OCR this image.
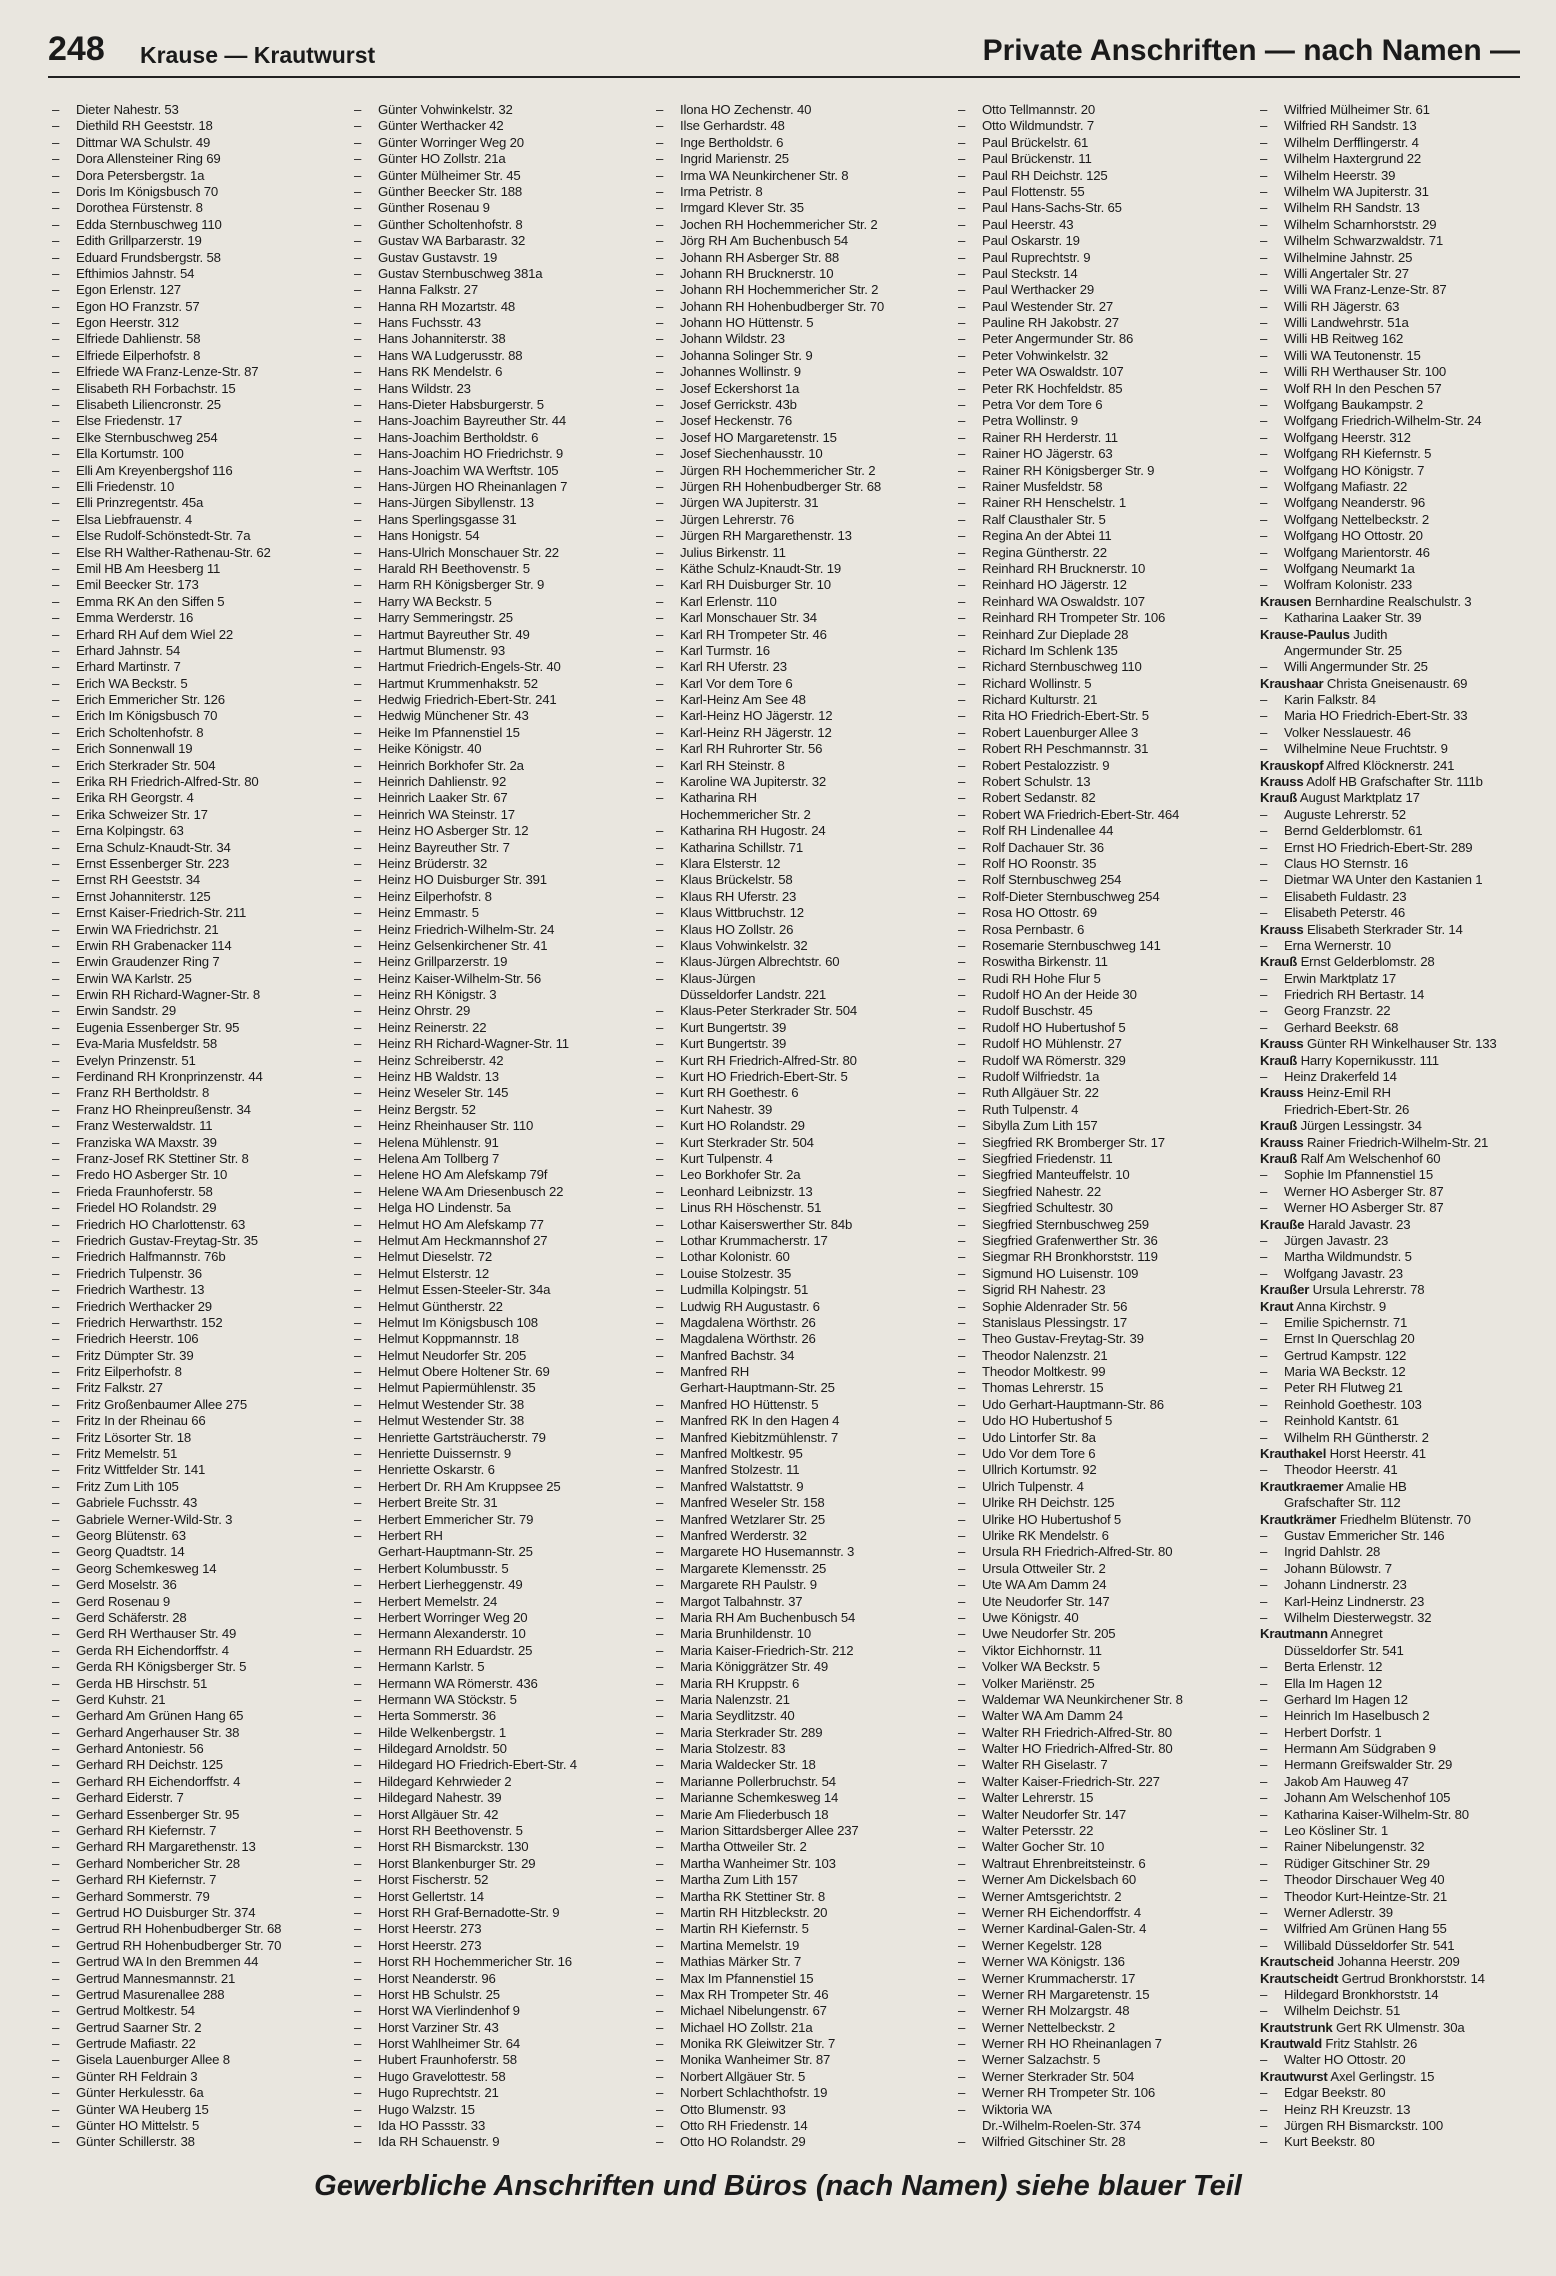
248 Krause — Krautwurst	Private Anschriften — nach Namen —
– Dieter Nahestr. 53
– Diethild RH Geeststr. 18
– Dittmar WA Schulstr. 49
– Dora Allensteiner Ring 69
– Dora Petersbergstr. 1a
– Doris Im Königsbusch 70
– Dorothea Fürstenstr. 8
– Edda Sternbuschweg 110
– Edith Grillparzerstr. 19
– Eduard Frundsbergstr. 58
– Efthimios Jahnstr. 54
– Egon Erlenstr. 127
– Egon HO Franzstr. 57
– Egon Heerstr. 312
– Elfriede Dahlienstr. 58
– Elfriede Eilperhofstr. 8
– Elfriede WA Franz-Lenze-Str. 87
– Elisabeth RH Forbachstr. 15
– Elisabeth Liliencronstr. 25
– Else Friedenstr. 17
– Elke Sternbuschweg 254
– Ella Kortumstr. 100
– Elli Am Kreyenbergshof 116
– Elli Friedenstr. 10
– Elli Prinzregentstr. 45a
– Elsa Liebfrauenstr. 4
– Else Rudolf-Schönstedt-Str. 7a
– Else RH Walther-Rathenau-Str. 62
– Emil HB Am Heesberg 11
– Emil Beecker Str. 173
– Emma RK An den Siffen 5
– Emma Werderstr. 16
– Erhard RH Auf dem Wiel 22
– Erhard Jahnstr. 54
– Erhard Martinstr. 7
– Erich WA Beckstr. 5
– Erich Emmericher Str. 126
– Erich Im Königsbusch 70
– Erich Scholtenhofstr. 8
– Erich Sonnenwall 19
– Erich Sterkrader Str. 504
– Erika RH Friedrich-Alfred-Str. 80
– Erika RH Georgstr. 4
– Erika Schweizer Str. 17
– Erna Kolpingstr. 63
– Erna Schulz-Knaudt-Str. 34
– Ernst Essenberger Str. 223
– Ernst RH Geeststr. 34
– Ernst Johanniterstr. 125
– Ernst Kaiser-Friedrich-Str. 211
– Erwin WA Friedrichstr. 21
– Erwin RH Grabenacker 114
– Erwin Graudenzer Ring 7
– Erwin WA Karlstr. 25
– Erwin RH Richard-Wagner-Str. 8
– Erwin Sandstr. 29
– Eugenia Essenberger Str. 95
– Eva-Maria Musfeldstr. 58
– Evelyn Prinzenstr. 51
– Ferdinand RH Kronprinzenstr. 44
– Franz RH Bertholdstr. 8
– Franz HO Rheinpreußenstr. 34
– Franz Westerwaldstr. 11
– Franziska WA Maxstr. 39
– Franz-Josef RK Stettiner Str. 8
– Fredo HO Asberger Str. 10
– Frieda Fraunhoferstr. 58
– Friedel HO Rolandstr. 29
– Friedrich HO Charlottenstr. 63
– Friedrich Gustav-Freytag-Str. 35
– Friedrich Halfmannstr. 76b
– Friedrich Tulpenstr. 36
– Friedrich Warthestr. 13
– Friedrich Werthacker 29
– Friedrich Herwarthstr. 152
– Friedrich Heerstr. 106
– Fritz Dümpter Str. 39
– Fritz Eilperhofstr. 8
– Fritz Falkstr. 27
– Fritz Großenbaumer Allee 275
– Fritz In der Rheinau 66
– Fritz Lösorter Str. 18
– Fritz Memelstr. 51
– Fritz Wittfelder Str. 141
– Fritz Zum Lith 105
– Gabriele Fuchsstr. 43
– Gabriele Werner-Wild-Str. 3
– Georg Blütenstr. 63
– Georg Quadtstr. 14
– Georg Schemkesweg 14
– Gerd Moselstr. 36
– Gerd Rosenau 9
– Gerd Schäferstr. 28
– Gerd RH Werthauser Str. 49
– Gerda RH Eichendorffstr. 4
– Gerda RH Königsberger Str. 5
– Gerda HB Hirschstr. 51
– Gerd Kuhstr. 21
– Gerhard Am Grünen Hang 65
– Gerhard Angerhauser Str. 38
– Gerhard Antoniestr. 56
– Gerhard RH Deichstr. 125
– Gerhard RH Eichendorffstr. 4
– Gerhard Eiderstr. 7
– Gerhard Essenberger Str. 95
– Gerhard RH Kiefernstr. 7
– Gerhard RH Margarethenstr. 13
– Gerhard Nombericher Str. 28
– Gerhard RH Kiefernstr. 7
– Gerhard Sommerstr. 79
– Gertrud HO Duisburger Str. 374
– Gertrud RH Hohenbudberger Str. 68
– Gertrud RH Hohenbudberger Str. 70
– Gertrud WA In den Bremmen 44
– Gertrud Mannesmannstr. 21
– Gertrud Masurenallee 288
– Gertrud Moltkestr. 54
– Gertrud Saarner Str. 2
– Gertrude Mafiastr. 22
– Gisela Lauenburger Allee 8
– Günter RH Feldrain 3
– Günter Herkulesstr. 6a
– Günter WA Heuberg 15
– Günter HO Mittelstr. 5
– Günter Schillerstr. 38
– Günter Vohwinkelstr. 32
– Günter Werthacker 42
– Günter Worringer Weg 20
– Günter HO Zollstr. 21a
– Günter Mülheimer Str. 45
– Günther Beecker Str. 188
– Günther Rosenau 9
– Günther Scholtenhofstr. 8
– Gustav WA Barbarastr. 32
– Gustav Gustavstr. 19
– Gustav Sternbuschweg 381a
– Hanna Falkstr. 27
– Hanna RH Mozartstr. 48
– Hans Fuchsstr. 43
– Hans Johanniterstr. 38
– Hans WA Ludgerusstr. 88
– Hans RK Mendelstr. 6
– Hans Wildstr. 23
– Hans-Dieter Habsburgerstr. 5
– Hans-Joachim Bayreuther Str. 44
– Hans-Joachim Bertholdstr. 6
– Hans-Joachim HO Friedrichstr. 9
– Hans-Joachim WA Werftstr. 105
– Hans-Jürgen HO Rheinanlagen 7
– Hans-Jürgen Sibyllenstr. 13
– Hans Sperlingsgasse 31
– Hans Honigstr. 54
– Hans-Ulrich Monschauer Str. 22
– Harald RH Beethovenstr. 5
– Harm RH Königsberger Str. 9
– Harry WA Beckstr. 5
– Harry Semmeringstr. 25
– Hartmut Bayreuther Str. 49
– Hartmut Blumenstr. 93
– Hartmut Friedrich-Engels-Str. 40
– Hartmut Krummenhakstr. 52
– Hedwig Friedrich-Ebert-Str. 241
– Hedwig Münchener Str. 43
– Heike Im Pfannenstiel 15
– Heike Königstr. 40
– Heinrich Borkhofer Str. 2a
– Heinrich Dahlienstr. 92
– Heinrich Laaker Str. 67
– Heinrich WA Steinstr. 17
– Heinz HO Asberger Str. 12
– Heinz Bayreuther Str. 7
– Heinz Brüderstr. 32
– Heinz HO Duisburger Str. 391
– Heinz Eilperhofstr. 8
– Heinz Emmastr. 5
– Heinz Friedrich-Wilhelm-Str. 24
– Heinz Gelsenkirchener Str. 41
– Heinz Grillparzerstr. 19
– Heinz Kaiser-Wilhelm-Str. 56
– Heinz RH Königstr. 3
– Heinz Ohrstr. 29
– Heinz Reinerstr. 22
– Heinz RH Richard-Wagner-Str. 11
– Heinz Schreiberstr. 42
– Heinz HB Waldstr. 13
– Heinz Weseler Str. 145
– Heinz Bergstr. 52
– Heinz Rheinhauser Str. 110
– Helena Mühlenstr. 91
– Helena Am Tollberg 7
– Helene HO Am Alefskamp 79f
– Helene WA Am Driesenbusch 22
– Helga HO Lindenstr. 5a
– Helmut HO Am Alefskamp 77
– Helmut Am Heckmannshof 27
– Helmut Dieselstr. 72
– Helmut Elsterstr. 12
– Helmut Essen-Steeler-Str. 34a
– Helmut Güntherstr. 22
– Helmut Im Königsbusch 108
– Helmut Koppmannstr. 18
– Helmut Neudorfer Str. 205
– Helmut Obere Holtener Str. 69
– Helmut Papiermühlenstr. 35
– Helmut Westender Str. 38
– Helmut Westender Str. 38
– Henriette Gartsträucherstr. 79
– Henriette Duissernstr. 9
– Henriette Oskarstr. 6
– Herbert Dr. RH Am Kruppsee 25
– Herbert Breite Str. 31
– Herbert Emmericher Str. 79
– Herbert RH
Gerhart-Hauptmann-Str. 25
– Herbert Kolumbusstr. 5
– Herbert Lierheggenstr. 49
– Herbert Memelstr. 24
– Herbert Worringer Weg 20
– Hermann Alexanderstr. 10
– Hermann RH Eduardstr. 25
– Hermann Karlstr. 5
– Hermann WA Römerstr. 436
– Hermann WA Stöckstr. 5
– Herta Sommerstr. 36
– Hilde Welkenbergstr. 1
– Hildegard Arnoldstr. 50
– Hildegard HO Friedrich-Ebert-Str. 4
– Hildegard Kehrwieder 2
– Hildegard Nahestr. 39
– Horst Allgäuer Str. 42
– Horst RH Beethovenstr. 5
– Horst RH Bismarckstr. 130
– Horst Blankenburger Str. 29
– Horst Fischerstr. 52
– Horst Gellertstr. 14
– Horst RH Graf-Bernadotte-Str. 9
– Horst Heerstr. 273
– Horst Heerstr. 273
– Horst RH Hochemmericher Str. 16
– Horst Neanderstr. 96
– Horst HB Schulstr. 25
– Horst WA Vierlindenhof 9
– Horst Varziner Str. 43
– Horst Wahlheimer Str. 64
– Hubert Fraunhoferstr. 58
– Hugo Gravelottestr. 58
– Hugo Ruprechtstr. 21
– Hugo Walzstr. 15
– Ida HO Passstr. 33
– Ida RH Schauenstr. 9
– Ilona HO Zechenstr. 40
– Ilse Gerhardstr. 48
– Inge Bertholdstr. 6
– Ingrid Marienstr. 25
– Irma WA Neunkirchener Str. 8
– Irma Petristr. 8
– Irmgard Klever Str. 35
– Jochen RH Hochemmericher Str. 2
– Jörg RH Am Buchenbusch 54
– Johann RH Asberger Str. 88
– Johann RH Brucknerstr. 10
– Johann RH Hochemmericher Str. 2
– Johann RH Hohenbudberger Str. 70
– Johann HO Hüttenstr. 5
– Johann Wildstr. 23
– Johanna Solinger Str. 9
– Johannes Wollinstr. 9
– Josef Eckershorst 1a
– Josef Gerrickstr. 43b
– Josef Heckenstr. 76
– Josef HO Margaretenstr. 15
– Josef Siechenhausstr. 10
– Jürgen RH Hochemmericher Str. 2
– Jürgen RH Hohenbudberger Str. 68
– Jürgen WA Jupiterstr. 31
– Jürgen Lehrerstr. 76
– Jürgen RH Margarethenstr. 13
– Julius Birkenstr. 11
– Käthe Schulz-Knaudt-Str. 19
– Karl RH Duisburger Str. 10
– Karl Erlenstr. 110
– Karl Monschauer Str. 34
– Karl RH Trompeter Str. 46
– Karl Turmstr. 16
– Karl RH Uferstr. 23
– Karl Vor dem Tore 6
– Karl-Heinz Am See 48
– Karl-Heinz HO Jägerstr. 12
– Karl-Heinz RH Jägerstr. 12
– Karl RH Ruhrorter Str. 56
– Karl RH Steinstr. 8
– Karoline WA Jupiterstr. 32
– Katharina RH
Hochemmericher Str. 2
– Katharina RH Hugostr. 24
– Katharina Schillstr. 71
– Klara Elsterstr. 12
– Klaus Brückelstr. 58
– Klaus RH Uferstr. 23
– Klaus Wittbruchstr. 12
– Klaus HO Zollstr. 26
– Klaus Vohwinkelstr. 32
– Klaus-Jürgen Albrechtstr. 60
– Klaus-Jürgen
Düsseldorfer Landstr. 221
– Klaus-Peter Sterkrader Str. 504
– Kurt Bungertstr. 39
– Kurt Bungertstr. 39
– Kurt RH Friedrich-Alfred-Str. 80
– Kurt HO Friedrich-Ebert-Str. 5
– Kurt RH Goethestr. 6
– Kurt Nahestr. 39
– Kurt HO Rolandstr. 29
– Kurt Sterkrader Str. 504
– Kurt Tulpenstr. 4
– Leo Borkhofer Str. 2a
– Leonhard Leibnizstr. 13
– Linus RH Höschenstr. 51
– Lothar Kaiserswerther Str. 84b
– Lothar Krummacherstr. 17
– Lothar Kolonistr. 60
– Louise Stolzestr. 35
– Ludmilla Kolpingstr. 51
– Ludwig RH Augustastr. 6
– Magdalena Wörthstr. 26
– Magdalena Wörthstr. 26
– Manfred Bachstr. 34
– Manfred RH
Gerhart-Hauptmann-Str. 25
– Manfred HO Hüttenstr. 5
– Manfred RK In den Hagen 4
– Manfred Kiebitzmühlenstr. 7
– Manfred Moltkestr. 95
– Manfred Stolzestr. 11
– Manfred Walstattstr. 9
– Manfred Weseler Str. 158
– Manfred Wetzlarer Str. 25
– Manfred Werderstr. 32
– Margarete HO Husemannstr. 3
– Margarete Klemensstr. 25
– Margarete RH Paulstr. 9
– Margot Talbahnstr. 37
– Maria RH Am Buchenbusch 54
– Maria Brunhildenstr. 10
– Maria Kaiser-Friedrich-Str. 212
– Maria Königgrätzer Str. 49
– Maria RH Kruppstr. 6
– Maria Nalenzstr. 21
– Maria Seydlitzstr. 40
– Maria Sterkrader Str. 289
– Maria Stolzestr. 83
– Maria Waldecker Str. 18
– Marianne Pollerbruchstr. 54
– Marianne Schemkesweg 14
– Marie Am Fliederbusch 18
– Marion Sittardsberger Allee 237
– Martha Ottweiler Str. 2
– Martha Wanheimer Str. 103
– Martha Zum Lith 157
– Martha RK Stettiner Str. 8
– Martin RH Hitzbleckstr. 20
– Martin RH Kiefernstr. 5
– Martina Memelstr. 19
– Mathias Märker Str. 7
– Max Im Pfannenstiel 15
– Max RH Trompeter Str. 46
– Michael Nibelungenstr. 67
– Michael HO Zollstr. 21a
– Monika RK Gleiwitzer Str. 7
– Monika Wanheimer Str. 87
– Norbert Allgäuer Str. 5
– Norbert Schlachthofstr. 19
– Otto Blumenstr. 93
– Otto RH Friedenstr. 14
– Otto HO Rolandstr. 29
– Otto Tellmannstr. 20
– Otto Wildmundstr. 7
– Paul Brückelstr. 61
– Paul Brückenstr. 11
– Paul RH Deichstr. 125
– Paul Flottenstr. 55
– Paul Hans-Sachs-Str. 65
– Paul Heerstr. 43
– Paul Oskarstr. 19
– Paul Ruprechtstr. 9
– Paul Steckstr. 14
– Paul Werthacker 29
– Paul Westender Str. 27
– Pauline RH Jakobstr. 27
– Peter Angermunder Str. 86
– Peter Vohwinkelstr. 32
– Peter WA Oswaldstr. 107
– Peter RK Hochfeldstr. 85
– Petra Vor dem Tore 6
– Petra Wollinstr. 9
– Rainer RH Herderstr. 11
– Rainer HO Jägerstr. 63
– Rainer RH Königsberger Str. 9
– Rainer Musfeldstr. 58
– Rainer RH Henschelstr. 1
– Ralf Clausthaler Str. 5
– Regina An der Abtei 11
– Regina Güntherstr. 22
– Reinhard RH Brucknerstr. 10
– Reinhard HO Jägerstr. 12
– Reinhard WA Oswaldstr. 107
– Reinhard RH Trompeter Str. 106
– Reinhard Zur Dieplade 28
– Richard Im Schlenk 135
– Richard Sternbuschweg 110
– Richard Wollinstr. 5
– Richard Kulturstr. 21
– Rita HO Friedrich-Ebert-Str. 5
– Robert Lauenburger Allee 3
– Robert RH Peschmannstr. 31
– Robert Pestalozzistr. 9
– Robert Schulstr. 13
– Robert Sedanstr. 82
– Robert WA Friedrich-Ebert-Str. 464
– Rolf RH Lindenallee 44
– Rolf Dachauer Str. 36
– Rolf HO Roonstr. 35
– Rolf Sternbuschweg 254
– Rolf-Dieter Sternbuschweg 254
– Rosa HO Ottostr. 69
– Rosa Pernbastr. 6
– Rosemarie Sternbuschweg 141
– Roswitha Birkenstr. 11
– Rudi RH Hohe Flur 5
– Rudolf HO An der Heide 30
– Rudolf Buschstr. 45
– Rudolf HO Hubertushof 5
– Rudolf HO Mühlenstr. 27
– Rudolf WA Römerstr. 329
– Rudolf Wilfriedstr. 1a
– Ruth Allgäuer Str. 22
– Ruth Tulpenstr. 4
– Sibylla Zum Lith 157
– Siegfried RK Bromberger Str. 17
– Siegfried Friedenstr. 11
– Siegfried Manteuffelstr. 10
– Siegfried Nahestr. 22
– Siegfried Schultestr. 30
– Siegfried Sternbuschweg 259
– Siegfried Grafenwerther Str. 36
– Siegmar RH Bronkhorststr. 119
– Sigmund HO Luisenstr. 109
– Sigrid RH Nahestr. 23
– Sophie Aldenrader Str. 56
– Stanislaus Plessingstr. 17
– Theo Gustav-Freytag-Str. 39
– Theodor Nalenzstr. 21
– Theodor Moltkestr. 99
– Thomas Lehrerstr. 15
– Udo Gerhart-Hauptmann-Str. 86
– Udo HO Hubertushof 5
– Udo Lintorfer Str. 8a
– Udo Vor dem Tore 6
– Ullrich Kortumstr. 92
– Ulrich Tulpenstr. 4
– Ulrike RH Deichstr. 125
– Ulrike HO Hubertushof 5
– Ulrike RK Mendelstr. 6
– Ursula RH Friedrich-Alfred-Str. 80
– Ursula Ottweiler Str. 2
– Ute WA Am Damm 24
– Ute Neudorfer Str. 147
– Uwe Königstr. 40
– Uwe Neudorfer Str. 205
– Viktor Eichhornstr. 11
– Volker WA Beckstr. 5
– Volker Mariënstr. 25
– Waldemar WA Neunkirchener Str. 8
– Walter WA Am Damm 24
– Walter RH Friedrich-Alfred-Str. 80
– Walter HO Friedrich-Alfred-Str. 80
– Walter RH Giselastr. 7
– Walter Kaiser-Friedrich-Str. 227
– Walter Lehrerstr. 15
– Walter Neudorfer Str. 147
– Walter Petersstr. 22
– Walter Gocher Str. 10
– Waltraut Ehrenbreitsteinstr. 6
– Werner Am Dickelsbach 60
– Werner Amtsgerichtstr. 2
– Werner RH Eichendorffstr. 4
– Werner Kardinal-Galen-Str. 4
– Werner Kegelstr. 128
– Werner WA Königstr. 136
– Werner Krummacherstr. 17
– Werner RH Margaretenstr. 15
– Werner RH Molzargstr. 48
– Werner Nettelbeckstr. 2
– Werner RH HO Rheinanlagen 7
– Werner Salzachstr. 5
– Werner Sterkrader Str. 504
– Werner RH Trompeter Str. 106
– Wiktoria WA
Dr.-Wilhelm-Roelen-Str. 374
– Wilfried Gitschiner Str. 28
– Wilfried Mülheimer Str. 61
– Wilfried RH Sandstr. 13
– Wilhelm Derfflingerstr. 4
– Wilhelm Haxtergrund 22
– Wilhelm Heerstr. 39
– Wilhelm WA Jupiterstr. 31
– Wilhelm RH Sandstr. 13
– Wilhelm Scharnhorststr. 29
– Wilhelm Schwarzwaldstr. 71
– Wilhelmine Jahnstr. 25
– Willi Angertaler Str. 27
– Willi WA Franz-Lenze-Str. 87
– Willi RH Jägerstr. 63
– Willi Landwehrstr. 51a
– Willi HB Reitweg 162
– Willi WA Teutonenstr. 15
– Willi RH Werthauser Str. 100
– Wolf RH In den Peschen 57
– Wolfgang Baukampstr. 2
– Wolfgang Friedrich-Wilhelm-Str. 24
– Wolfgang Heerstr. 312
– Wolfgang RH Kiefernstr. 5
– Wolfgang HO Königstr. 7
– Wolfgang Mafiastr. 22
– Wolfgang Neanderstr. 96
– Wolfgang Nettelbeckstr. 2
– Wolfgang HO Ottostr. 20
– Wolfgang Marientorstr. 46
– Wolfgang Neumarkt 1a
– Wolfram Kolonistr. 233
Krausen Bernhardine Realschulstr. 3
– Katharina Laaker Str. 39
Krause-Paulus Judith
Angermunder Str. 25
– Willi Angermunder Str. 25
Kraushaar Christa Gneisenaustr. 69
– Karin Falkstr. 84
– Maria HO Friedrich-Ebert-Str. 33
– Volker Nesslauestr. 46
– Wilhelmine Neue Fruchtstr. 9
Krauskopf Alfred Klöcknerstr. 241
Krauss Adolf HB Grafschafter Str. 111b
Krauß August Marktplatz 17
– Auguste Lehrerstr. 52
– Bernd Gelderblomstr. 61
– Ernst HO Friedrich-Ebert-Str. 289
– Claus HO Sternstr. 16
– Dietmar WA Unter den Kastanien 1
– Elisabeth Fuldastr. 23
– Elisabeth Peterstr. 46
Krauss Elisabeth Sterkrader Str. 14
– Erna Wernerstr. 10
Krauß Ernst Gelderblomstr. 28
– Erwin Marktplatz 17
– Friedrich RH Bertastr. 14
– Georg Franzstr. 22
– Gerhard Beekstr. 68
Krauss Günter RH Winkelhauser Str. 133
Krauß Harry Kopernikusstr. 111
– Heinz Drakerfeld 14
Krauss Heinz-Emil RH
Friedrich-Ebert-Str. 26
Krauß Jürgen Lessingstr. 34
Krauss Rainer Friedrich-Wilhelm-Str. 21
Krauß Ralf Am Welschenhof 60
– Sophie Im Pfannenstiel 15
– Werner HO Asberger Str. 87
– Werner HO Asberger Str. 87
Krauße Harald Javastr. 23
– Jürgen Javastr. 23
– Martha Wildmundstr. 5
– Wolfgang Javastr. 23
Kraußer Ursula Lehrerstr. 78
Kraut Anna Kirchstr. 9
– Emilie Spichernstr. 71
– Ernst In Querschlag 20
– Gertrud Kampstr. 122
– Maria WA Beckstr. 12
– Peter RH Flutweg 21
– Reinhold Goethestr. 103
– Reinhold Kantstr. 61
– Wilhelm RH Güntherstr. 2
Krauthakel Horst Heerstr. 41
– Theodor Heerstr. 41
Krautkraemer Amalie HB
Grafschafter Str. 112
Krautkrämer Friedhelm Blütenstr. 70
– Gustav Emmericher Str. 146
– Ingrid Dahlstr. 28
– Johann Bülowstr. 7
– Johann Lindnerstr. 23
– Karl-Heinz Lindnerstr. 23
– Wilhelm Diesterwegstr. 32
Krautmann Annegret
Düsseldorfer Str. 541
– Berta Erlenstr. 12
– Ella Im Hagen 12
– Gerhard Im Hagen 12
– Heinrich Im Haselbusch 2
– Herbert Dorfstr. 1
– Hermann Am Südgraben 9
– Hermann Greifswalder Str. 29
– Jakob Am Hauweg 47
– Johann Am Welschenhof 105
– Katharina Kaiser-Wilhelm-Str. 80
– Leo Kösliner Str. 1
– Rainer Nibelungenstr. 32
– Rüdiger Gitschiner Str. 29
– Theodor Dirschauer Weg 40
– Theodor Kurt-Heintze-Str. 21
– Werner Adlerstr. 39
– Wilfried Am Grünen Hang 55
– Willibald Düsseldorfer Str. 541
Krautscheid Johanna Heerstr. 209
Krautscheidt Gertrud Bronkhorststr. 14
– Hildegard Bronkhorststr. 14
– Wilhelm Deichstr. 51
Krautstrunk Gert RK Ulmenstr. 30a
Krautwald Fritz Stahlstr. 26
– Walter HO Ottostr. 20
Krautwurst Axel Gerlingstr. 15
– Edgar Beekstr. 80
– Heinz RH Kreuzstr. 13
– Jürgen RH Bismarckstr. 100
– Kurt Beekstr. 80
Gewerbliche Anschriften und Büros (nach Namen) siehe blauer Teil
